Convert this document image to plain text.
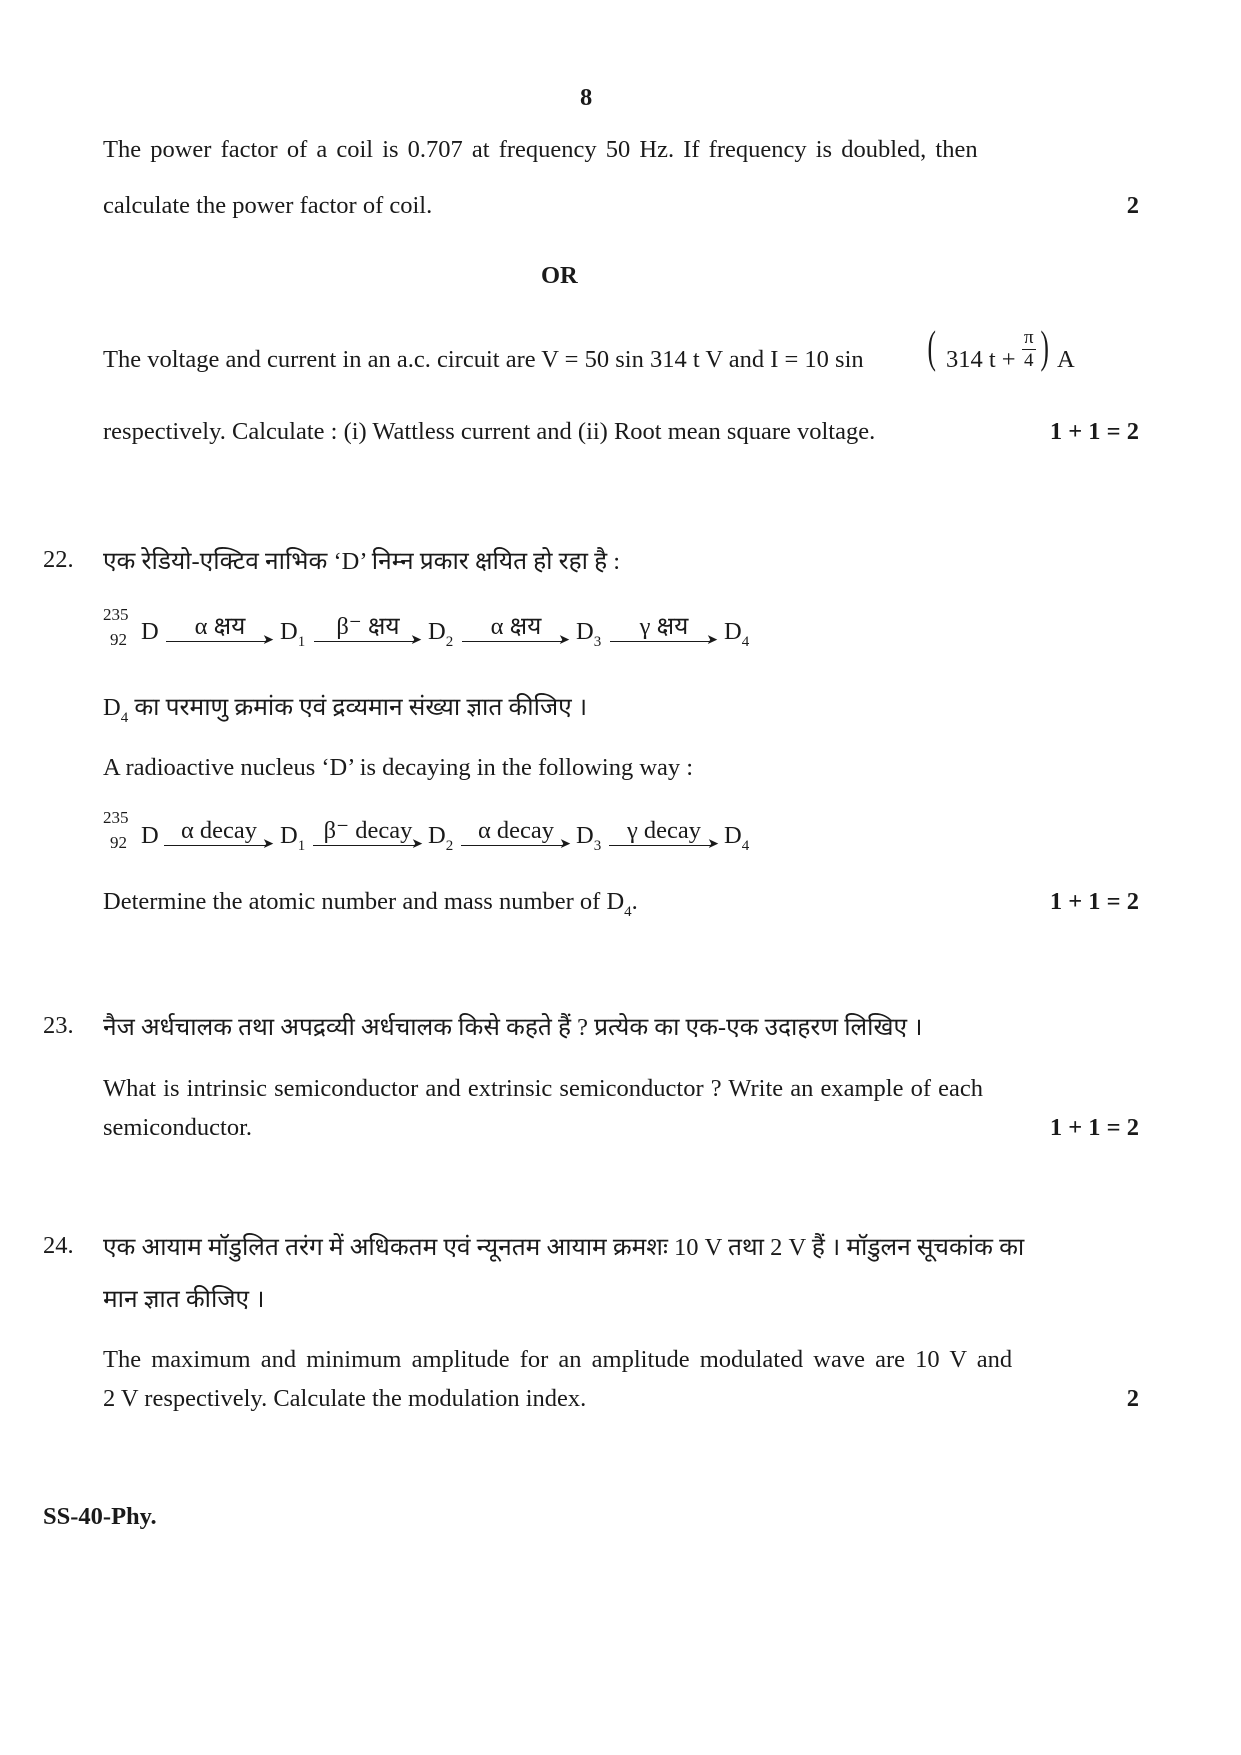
8
The power factor of a coil is 0.707 at frequency 50 Hz. If frequency is doubled, then
calculate the power factor of coil.	2
OR
The voltage and current in an a.c. circuit are V = 50 sin 314 t V and I = 10 sin ( 314 $t + \frac{\pi}{4}$ ) A
respectively. Calculate : (i) Wattless current and (ii) Root mean square voltage.	1 + 1 = 2
22. एक रेडियो-एक्टिव नाभिक ‘D’ निम्न प्रकार क्षयित हो रहा है :
235
92 D	α क्षय
➤ $D_1$
β⁻ क्षय
➤ $D_2$
α क्षय
➤ $D_3$
γ क्षय
➤ $D_4$
$D_4$ का परमाणु क्रमांक एवं द्रव्यमान संख्या ज्ञात कीजिए ।
A radioactive nucleus ‘D’ is decaying in the following way :
235
92 D α decay
➤ $D_1$
β⁻ decay
➤ $D_2$
α decay
➤ $D_3$
γ decay
➤ $D_4$
Determine the atomic number and mass number of $D_4$.	1 + 1 = 2
23. नैज अर्धचालक तथा अपद्रव्यी अर्धचालक किसे कहते हैं ? प्रत्येक का एक-एक उदाहरण लिखिए ।
What is intrinsic semiconductor and extrinsic semiconductor ? Write an example of each
semiconductor.	1 + 1 = 2
24. एक आयाम मॉडुलित तरंग में अधिकतम एवं न्यूनतम आयाम क्रमशः 10 V तथा 2 V हैं । मॉडुलन सूचकांक का
मान ज्ञात कीजिए ।
The maximum and minimum amplitude for an amplitude modulated wave are 10 V and
2 V respectively. Calculate the modulation index.	2
SS-40-Phy.
